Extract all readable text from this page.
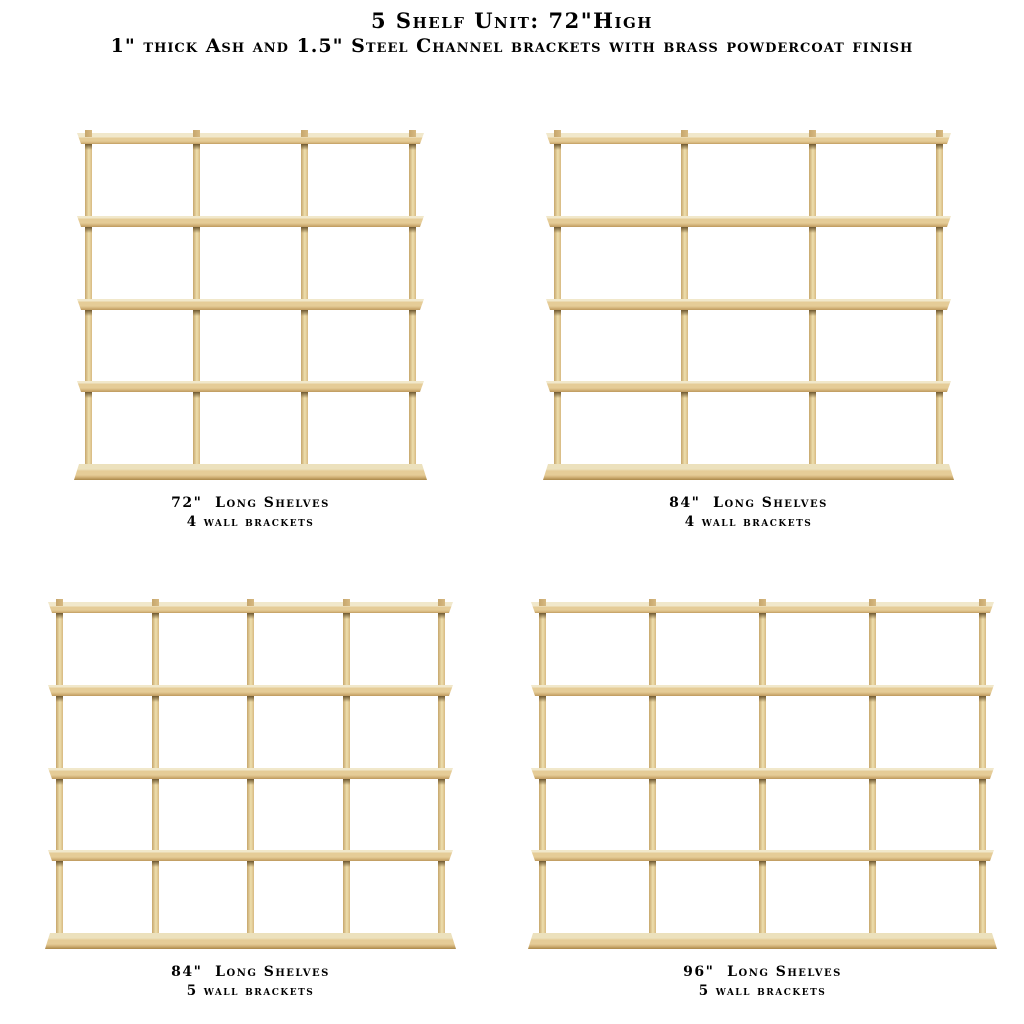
5 Shelf Unit: 72"High
1" thick Ash and 1.5" Steel Channel brackets with brass powdercoat finish
72"  Long Shelves
4 wall brackets
84"  Long Shelves
4 wall brackets
84"  Long Shelves
5 wall brackets
96"  Long Shelves
5 wall brackets
